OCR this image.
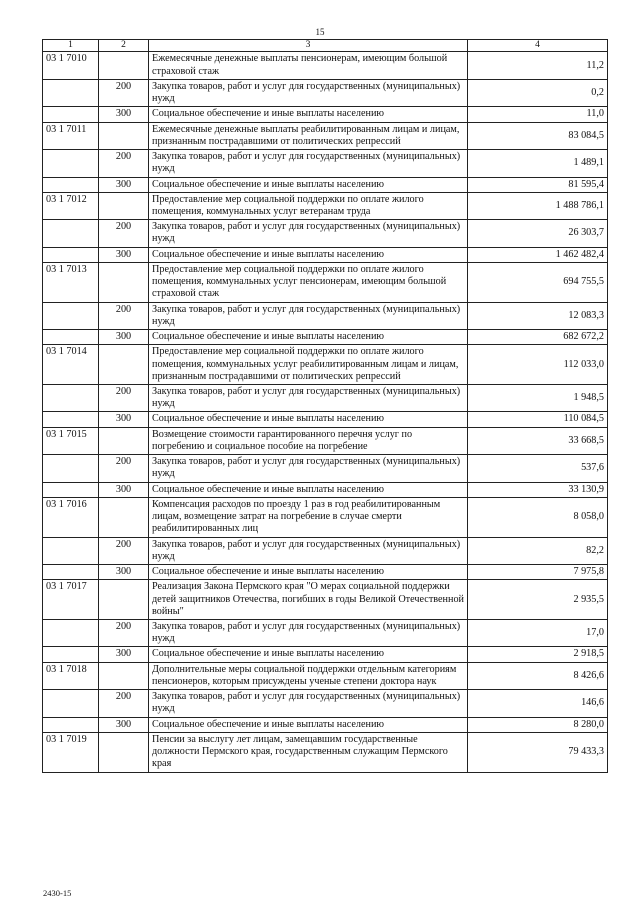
15
1	2	3	4
03 1 7010		Ежемесячные денежные выплаты пенсионерам, имеющим большой страховой стаж	11,2
	200	Закупка товаров, работ и услуг для государственных (муниципальных) нужд	0,2
	300	Социальное обеспечение и иные выплаты населению	11,0
03 1 7011		Ежемесячные денежные выплаты реабилитированным лицам и лицам, признанным пострадавшими от политических репрессий	83 084,5
	200	Закупка товаров, работ и услуг для государственных (муниципальных) нужд	1 489,1
	300	Социальное обеспечение и иные выплаты населению	81 595,4
03 1 7012		Предоставление мер социальной поддержки по оплате жилого помещения, коммунальных услуг ветеранам труда	1 488 786,1
	200	Закупка товаров, работ и услуг для государственных (муниципальных) нужд	26 303,7
	300	Социальное обеспечение и иные выплаты населению	1 462 482,4
03 1 7013		Предоставление мер социальной поддержки по оплате жилого помещения, коммунальных услуг пенсионерам, имеющим большой страховой стаж	694 755,5
	200	Закупка товаров, работ и услуг для государственных (муниципальных) нужд	12 083,3
	300	Социальное обеспечение и иные выплаты населению	682 672,2
03 1 7014		Предоставление мер социальной поддержки по оплате жилого помещения, коммунальных услуг реабилитированным лицам и лицам, признанным пострадавшими от политических репрессий	112 033,0
	200	Закупка товаров, работ и услуг для государственных (муниципальных) нужд	1 948,5
	300	Социальное обеспечение и иные выплаты населению	110 084,5
03 1 7015		Возмещение стоимости гарантированного перечня услуг по погребению и социальное пособие на погребение	33 668,5
	200	Закупка товаров, работ и услуг для государственных (муниципальных) нужд	537,6
	300	Социальное обеспечение и иные выплаты населению	33 130,9
03 1 7016		Компенсация расходов по проезду 1 раз в год реабилитированным лицам, возмещение затрат на погребение в случае смерти реабилитированных лиц	8 058,0
	200	Закупка товаров, работ и услуг для государственных (муниципальных) нужд	82,2
	300	Социальное обеспечение и иные выплаты населению	7 975,8
03 1 7017		Реализация Закона Пермского края "О мерах социальной поддержки детей защитников Отечества, погибших в годы Великой Отечественной войны"	2 935,5
	200	Закупка товаров, работ и услуг для государственных (муниципальных) нужд	17,0
	300	Социальное обеспечение и иные выплаты населению	2 918,5
03 1 7018		Дополнительные меры социальной поддержки отдельным категориям пенсионеров, которым присуждены ученые степени доктора наук	8 426,6
	200	Закупка товаров, работ и услуг для государственных (муниципальных) нужд	146,6
	300	Социальное обеспечение и иные выплаты населению	8 280,0
03 1 7019		Пенсии за выслугу лет лицам, замещавшим государственные должности Пермского края, государственным служащим Пермского края	79 433,3
2430-15
